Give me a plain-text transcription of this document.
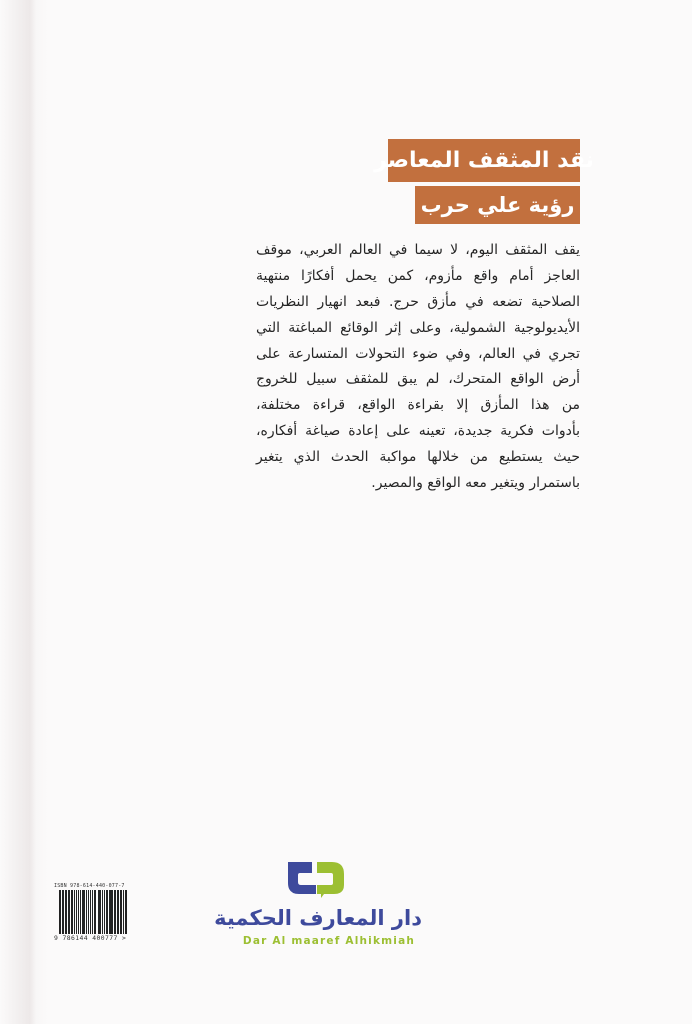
نقد المثقف المعاصر
رؤية علي حرب
يقف المثقف اليوم، لا سيما في العالم العربي، موقف
العاجز أمام واقع مأزوم، كمن يحمل أفكارًا منتهية
الصلاحية تضعه في مأزق حرج. فبعد انهيار النظريات
الأيديولوجية الشمولية، وعلى إثر الوقائع المباغتة التي
تجري في العالم، وفي ضوء التحولات المتسارعة على
أرض الواقع المتحرك، لم يبق للمثقف سبيل للخروج
من هذا المأزق إلا بقراءة الواقع، قراءة مختلفة،
بأدوات فكرية جديدة، تعينه على إعادة صياغة أفكاره،
حيث يستطيع من خلالها مواكبة الحدث الذي يتغير
باستمرار ويتغير معه الواقع والمصير.
ISBN 978-614-440-077-7
9 786144 400777 >
دار المعارف الحكمية
Dar Al maaref Alhikmiah
